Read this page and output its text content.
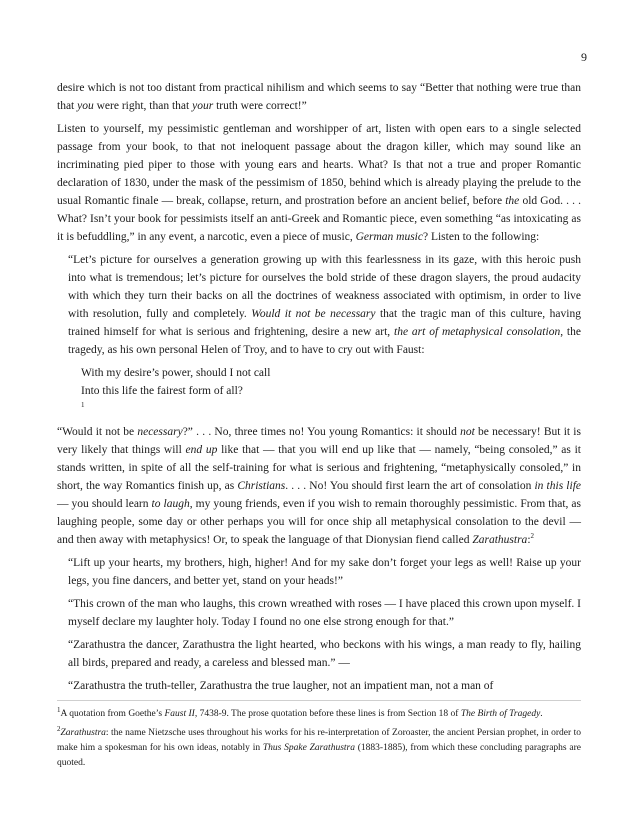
9

desire which is not too distant from practical nihilism and which seems to say “Better that nothing were true than that you were right, than that your truth were correct!”

Listen to yourself, my pessimistic gentleman and worshipper of art, listen with open ears to a single selected passage from your book, to that not ineloquent passage about the dragon killer, which may sound like an incriminating pied piper to those with young ears and hearts. What? Is that not a true and proper Romantic declaration of 1830, under the mask of the pessimism of 1850, behind which is already playing the prelude to the usual Romantic finale — break, collapse, return, and prostration before an ancient belief, before the old God. . . . What? Isn’t your book for pessimists itself an anti-Greek and Romantic piece, even something “as intoxicating as it is befuddling,” in any event, a narcotic, even a piece of music, German music? Listen to the following:

“Let’s picture for ourselves a generation growing up with this fearlessness in its gaze, with this heroic push into what is tremendous; let’s picture for ourselves the bold stride of these dragon slayers, the proud audacity with which they turn their backs on all the doctrines of weakness associated with optimism, in order to live with resolution, fully and completely. Would it not be necessary that the tragic man of this culture, having trained himself for what is serious and frightening, desire a new art, the art of metaphysical consolation, the tragedy, as his own personal Helen of Troy, and to have to cry out with Faust:

With my desire’s power, should I not call
Into this life the fairest form of all?
$^1$

“Would it not be necessary?” . . . No, three times no! You young Romantics: it should not be necessary! But it is very likely that things will end up like that — that you will end up like that — namely, “being consoled,” as it stands written, in spite of all the self-training for what is serious and frightening, “metaphysically consoled,” in short, the way Romantics finish up, as Christians. . . . No! You should first learn the art of consolation in this life — you should learn to laugh, my young friends, even if you wish to remain thoroughly pessimistic. From that, as laughing people, some day or other perhaps you will for once ship all metaphysical consolation to the devil — and then away with metaphysics! Or, to speak the language of that Dionysian fiend called Zarathustra:$^2$

“Lift up your hearts, my brothers, high, higher! And for my sake don’t forget your legs as well! Raise up your legs, you fine dancers, and better yet, stand on your heads!”

“This crown of the man who laughs, this crown wreathed with roses — I have placed this crown upon myself. I myself declare my laughter holy. Today I found no one else strong enough for that.”

“Zarathustra the dancer, Zarathustra the light hearted, who beckons with his wings, a man ready to fly, hailing all birds, prepared and ready, a careless and blessed man.” —

“Zarathustra the truth-teller, Zarathustra the true laugher, not an impatient man, not a man of

$^1$A quotation from Goethe’s Faust II, 7438-9. The prose quotation before these lines is from Section 18 of The Birth of Tragedy.

$^2$Zarathustra: the name Nietzsche uses throughout his works for his re-interpretation of Zoroaster, the ancient Persian prophet, in order to make him a spokesman for his own ideas, notably in Thus Spake Zarathustra (1883-1885), from which these concluding paragraphs are quoted.
